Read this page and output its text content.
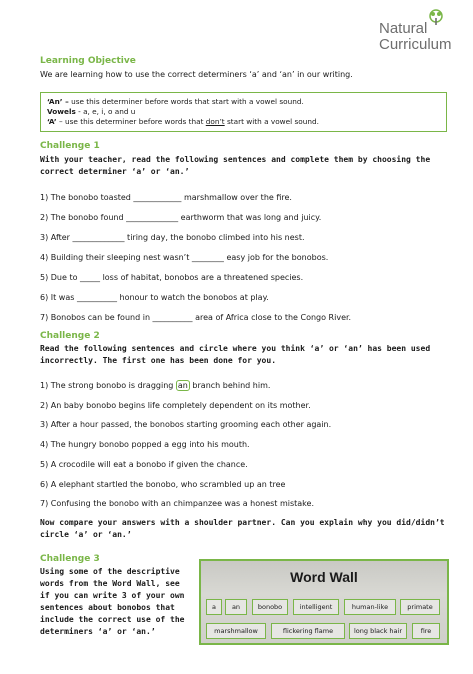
Natural
Curriculum
Learning Objective
We are learning how to use the correct determiners ‘a’ and ‘an’ in our writing.
‘An’ – use this determiner before words that start with a vowel sound.
Vowels - a, e, i, o and u
‘A’ – use this determiner before words that don’t start with a vowel sound.
Challenge 1
With your teacher, read the following sentences and complete them by choosing the
correct determiner ‘a’ or ‘an.’
1) The bonobo toasted ____________ marshmallow over the fire.
2) The bonobo found _____________ earthworm that was long and juicy.
3) After _____________ tiring day, the bonobo climbed into his nest.
4) Building their sleeping nest wasn’t ________ easy job for the bonobos.
5) Due to _____ loss of habitat, bonobos are a threatened species.
6) It was __________ honour to watch the bonobos at play.
7) Bonobos can be found in __________ area of Africa close to the Congo River.
Challenge 2
Read the following sentences and circle where you think ‘a’ or ‘an’ has been used
incorrectly. The first one has been done for you.
1) The strong bonobo is dragging an branch behind him.
2) An baby bonobo begins life completely dependent on its mother.
3) After a hour passed, the bonobos starting grooming each other again.
4) The hungry bonobo popped a egg into his mouth.
5) A crocodile will eat a bonobo if given the chance.
6) A elephant startled the bonobo, who scrambled up an tree
7) Confusing the bonobo with an chimpanzee was a honest mistake.
Now compare your answers with a shoulder partner. Can you explain why you did/didn’t
circle ‘a’ or ‘an.’
Challenge 3
Using some of the descriptive
words from the Word Wall, see
if you can write 3 of your own
sentences about bonobos that
include the correct use of the
determiners ‘a’ or ‘an.’
Word Wall
a	an	bonobo	intelligent	human-like	primate
marshmallow	flickering flame	long black hair	fire
